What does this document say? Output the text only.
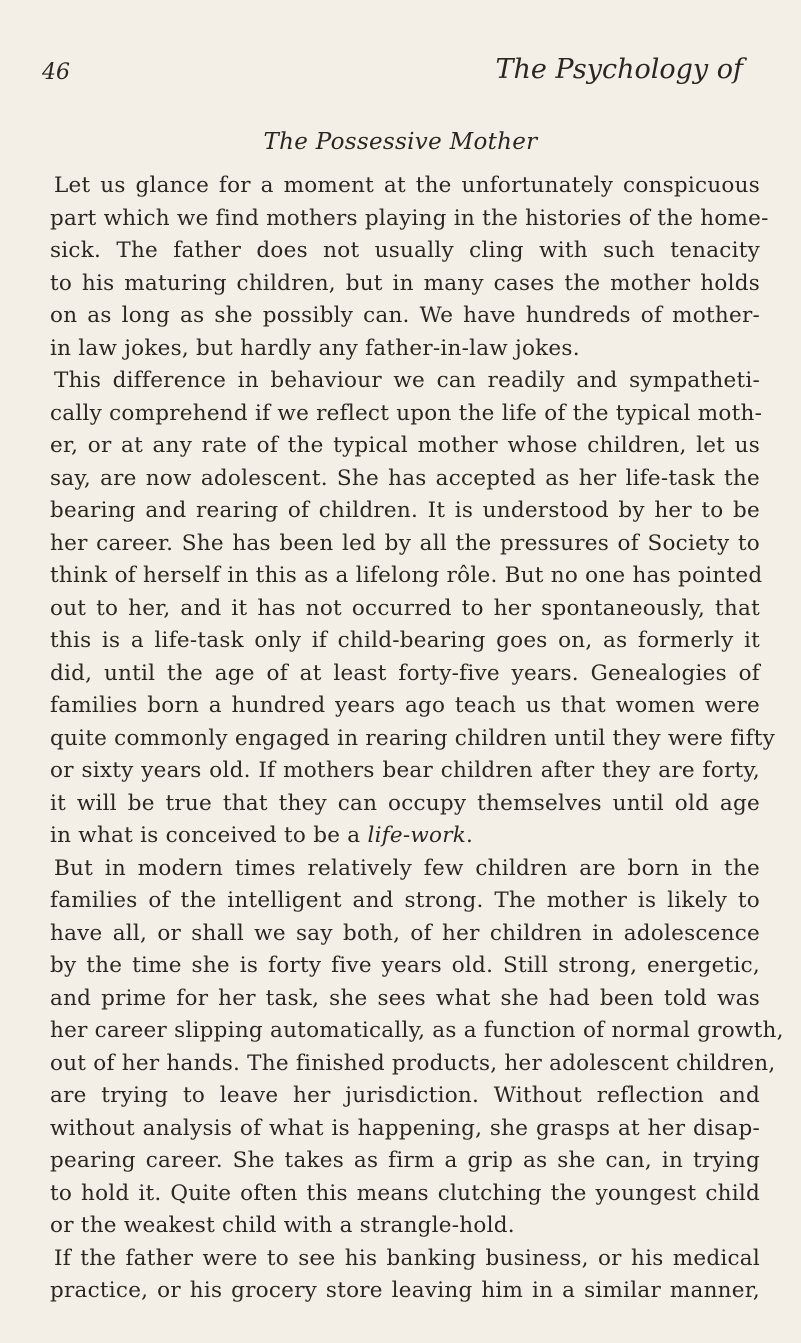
46	The Psychology of
The Possessive Mother
Let us glance for a moment at the unfortunately conspicuous
part which we find mothers playing in the histories of the home-
sick. The father does not usually cling with such tenacity
to his maturing children, but in many cases the mother holds
on as long as she possibly can. We have hundreds of mother-
in law jokes, but hardly any father-in-law jokes.
This difference in behaviour we can readily and sympatheti-
cally comprehend if we reflect upon the life of the typical moth-
er, or at any rate of the typical mother whose children, let us
say, are now adolescent. She has accepted as her life-task the
bearing and rearing of children. It is understood by her to be
her career. She has been led by all the pressures of Society to
think of herself in this as a lifelong rôle. But no one has pointed
out to her, and it has not occurred to her spontaneously, that
this is a life-task only if child-bearing goes on, as formerly it
did, until the age of at least forty-five years. Genealogies of
families born a hundred years ago teach us that women were
quite commonly engaged in rearing children until they were fifty
or sixty years old. If mothers bear children after they are forty,
it will be true that they can occupy themselves until old age
in what is conceived to be a life-work.
But in modern times relatively few children are born in the
families of the intelligent and strong. The mother is likely to
have all, or shall we say both, of her children in adolescence
by the time she is forty five years old. Still strong, energetic,
and prime for her task, she sees what she had been told was
her career slipping automatically, as a function of normal growth,
out of her hands. The finished products, her adolescent children,
are trying to leave her jurisdiction. Without reflection and
without analysis of what is happening, she grasps at her disap-
pearing career. She takes as firm a grip as she can, in trying
to hold it. Quite often this means clutching the youngest child
or the weakest child with a strangle-hold.
If the father were to see his banking business, or his medical
practice, or his grocery store leaving him in a similar manner,
